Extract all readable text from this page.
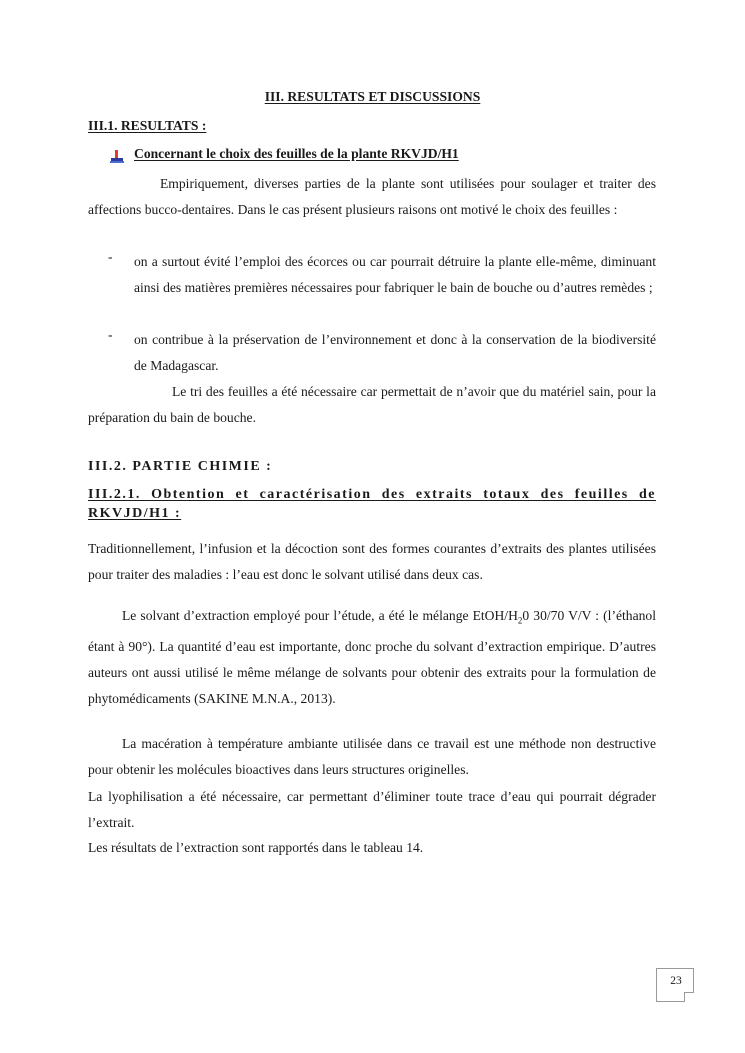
III. RESULTATS ET DISCUSSIONS
III.1. RESULTATS :
Concernant le choix des feuilles de la plante RKVJD/H1
Empiriquement, diverses parties de la plante sont utilisées pour soulager et traiter des affections bucco-dentaires. Dans le cas présent plusieurs raisons ont motivé le choix des feuilles :
- on a surtout évité l’emploi des écorces ou car pourrait détruire la plante elle-même, diminuant ainsi des matières premières nécessaires pour fabriquer le bain de bouche ou d’autres remèdes ;
- on contribue à la préservation de l’environnement et donc à la conservation de la biodiversité de Madagascar.
Le tri des feuilles a été nécessaire car permettait de n’avoir que du matériel sain, pour la préparation du bain de bouche.
III.2. PARTIE CHIMIE :
III.2.1. Obtention et caractérisation des extraits totaux des feuilles de RKVJD/H1 :
Traditionnellement, l’infusion et la décoction sont des formes courantes d’extraits des plantes utilisées pour traiter des maladies : l’eau est donc le solvant utilisé dans deux cas.
Le solvant d’extraction employé pour l’étude, a été le mélange EtOH/$H_20$ 30/70 V/V : (l’éthanol étant à 90°). La quantité d’eau est importante, donc proche du solvant d’extraction empirique. D’autres auteurs ont aussi utilisé le même mélange de solvants pour obtenir des extraits pour la formulation de phytomédicaments (SAKINE M.N.A., 2013).
La macération à température ambiante utilisée dans ce travail est une méthode non destructive pour obtenir les molécules bioactives dans leurs structures originelles.
La lyophilisation a été nécessaire, car permettant d’éliminer toute trace d’eau qui pourrait dégrader l’extrait.
Les résultats de l’extraction sont rapportés dans le tableau 14.
23
